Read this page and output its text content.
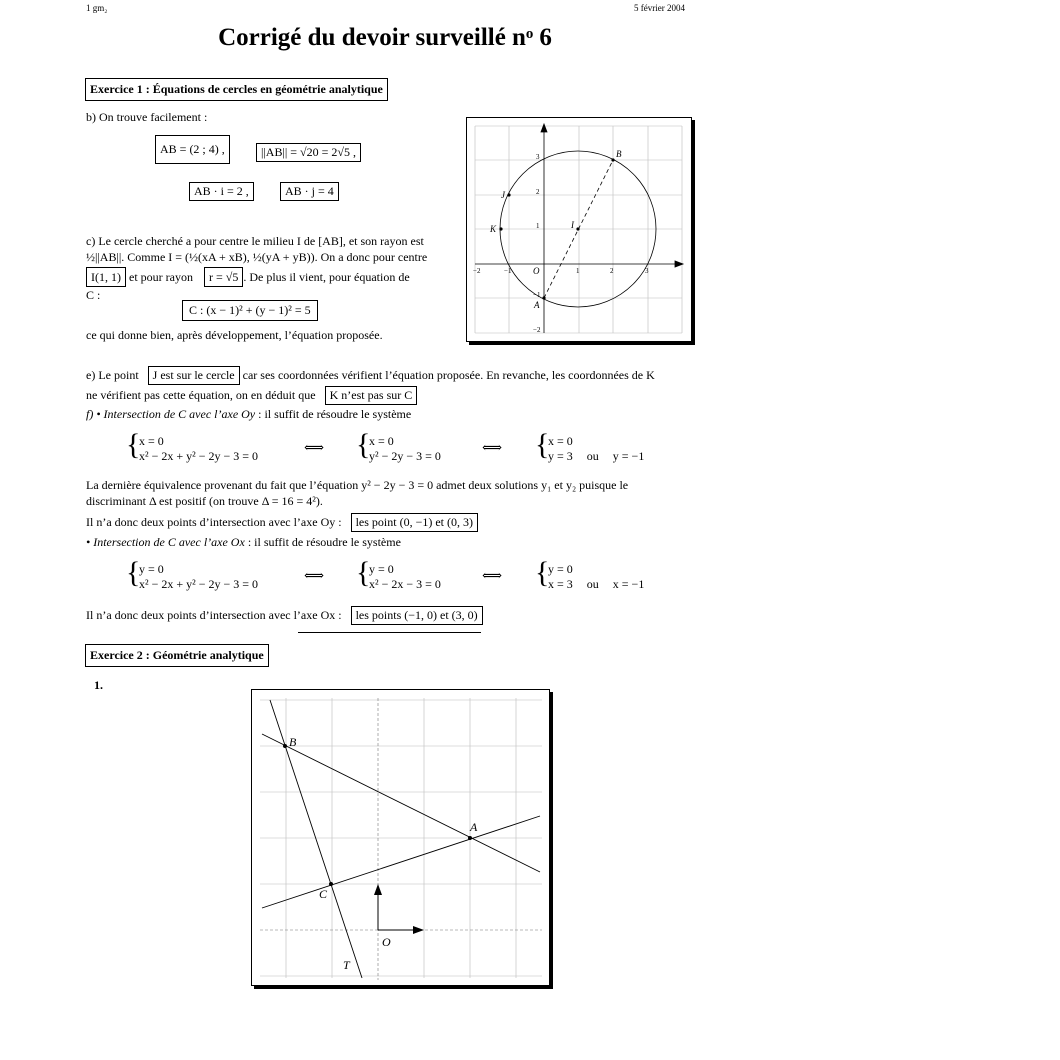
1 gm₂	5 février 2004
Corrigé du devoir surveillé nᵒ 6
Exercice 1 : Équations de cercles en géométrie analytique
b) On trouve facilement :
AB = (2 ; 4) ,	||AB|| = √20 = 2√5 ,
AB · i = 2 ,	AB · j = 4
c) Le cercle cherché a pour centre le milieu I de [AB], et son rayon est
½||AB||. Comme I = (½(xA + xB), ½(yA + yB)). On a donc pour centre
I(1, 1) et pour rayon r = √5 . De plus il vient, pour équation de
C :
C : (x − 1)² + (y − 1)² = 5
ce qui donne bien, après développement, l’équation proposée.
B
J
K	I
A
O
−2	−1	1	2	3
3
2
1
−1
−2
e) Le point J est sur le cercle car ses coordonnées vérifient l’équation proposée. En revanche, les coordonnées de K
ne vérifient pas cette équation, on en déduit que K n’est pas sur C
f) • Intersection de C avec l’axe Oy : il suffit de résoudre le système
{
x = 0
x² − 2x + y² − 2y − 3 = 0	⟺ {
x = 0
y² − 2y − 3 = 0	⟺ {
x = 0
y = 3 ou y = −1
La dernière équivalence provenant du fait que l’équation y² − 2y − 3 = 0 admet deux solutions y₁ et y₂ puisque le
discriminant Δ est positif (on trouve Δ = 16 = 4²).
Il n’a donc deux points d’intersection avec l’axe Oy : les point (0, −1) et (0, 3)
• Intersection de C avec l’axe Ox : il suffit de résoudre le système
{
y = 0
x² − 2x + y² − 2y − 3 = 0	⟺ {
y = 0
x² − 2x − 3 = 0	⟺ {
y = 0
x = 3 ou x = −1
Il n’a donc deux points d’intersection avec l’axe Ox : les points (−1, 0) et (3, 0)
Exercice 2 : Géométrie analytique
1.
B
A
C
O
T
